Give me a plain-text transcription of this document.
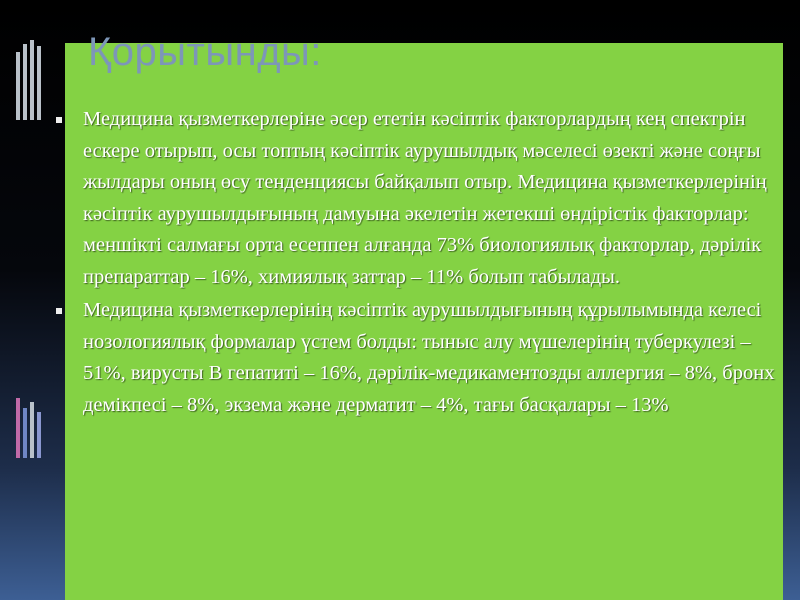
Қорытынды:
Медицина қызметкерлеріне әсер ететін кәсіптік факторлардың кең спектрін ескере отырып, осы топтың кәсіптік аурушылдық мәселесі өзекті және соңғы жылдары оның өсу тенденциясы байқалып отыр. Медицина қызметкерлерінің кәсіптік аурушылдығының дамуына әкелетін жетекші өндірістік факторлар: меншікті салмағы орта есеппен алғанда 73% биологиялық факторлар, дәрілік препараттар – 16%, химиялық заттар – 11% болып табылады.
Медицина қызметкерлерінің кәсіптік аурушылдығының құрылымында келесі нозологиялық формалар үстем болды: тыныс алу мүшелерінің туберкулезі – 51%, вирусты В гепатиті – 16%, дәрілік-медикаментозды аллергия – 8%, бронх демікпесі – 8%, экзема және дерматит – 4%, тағы басқалары – 13%
